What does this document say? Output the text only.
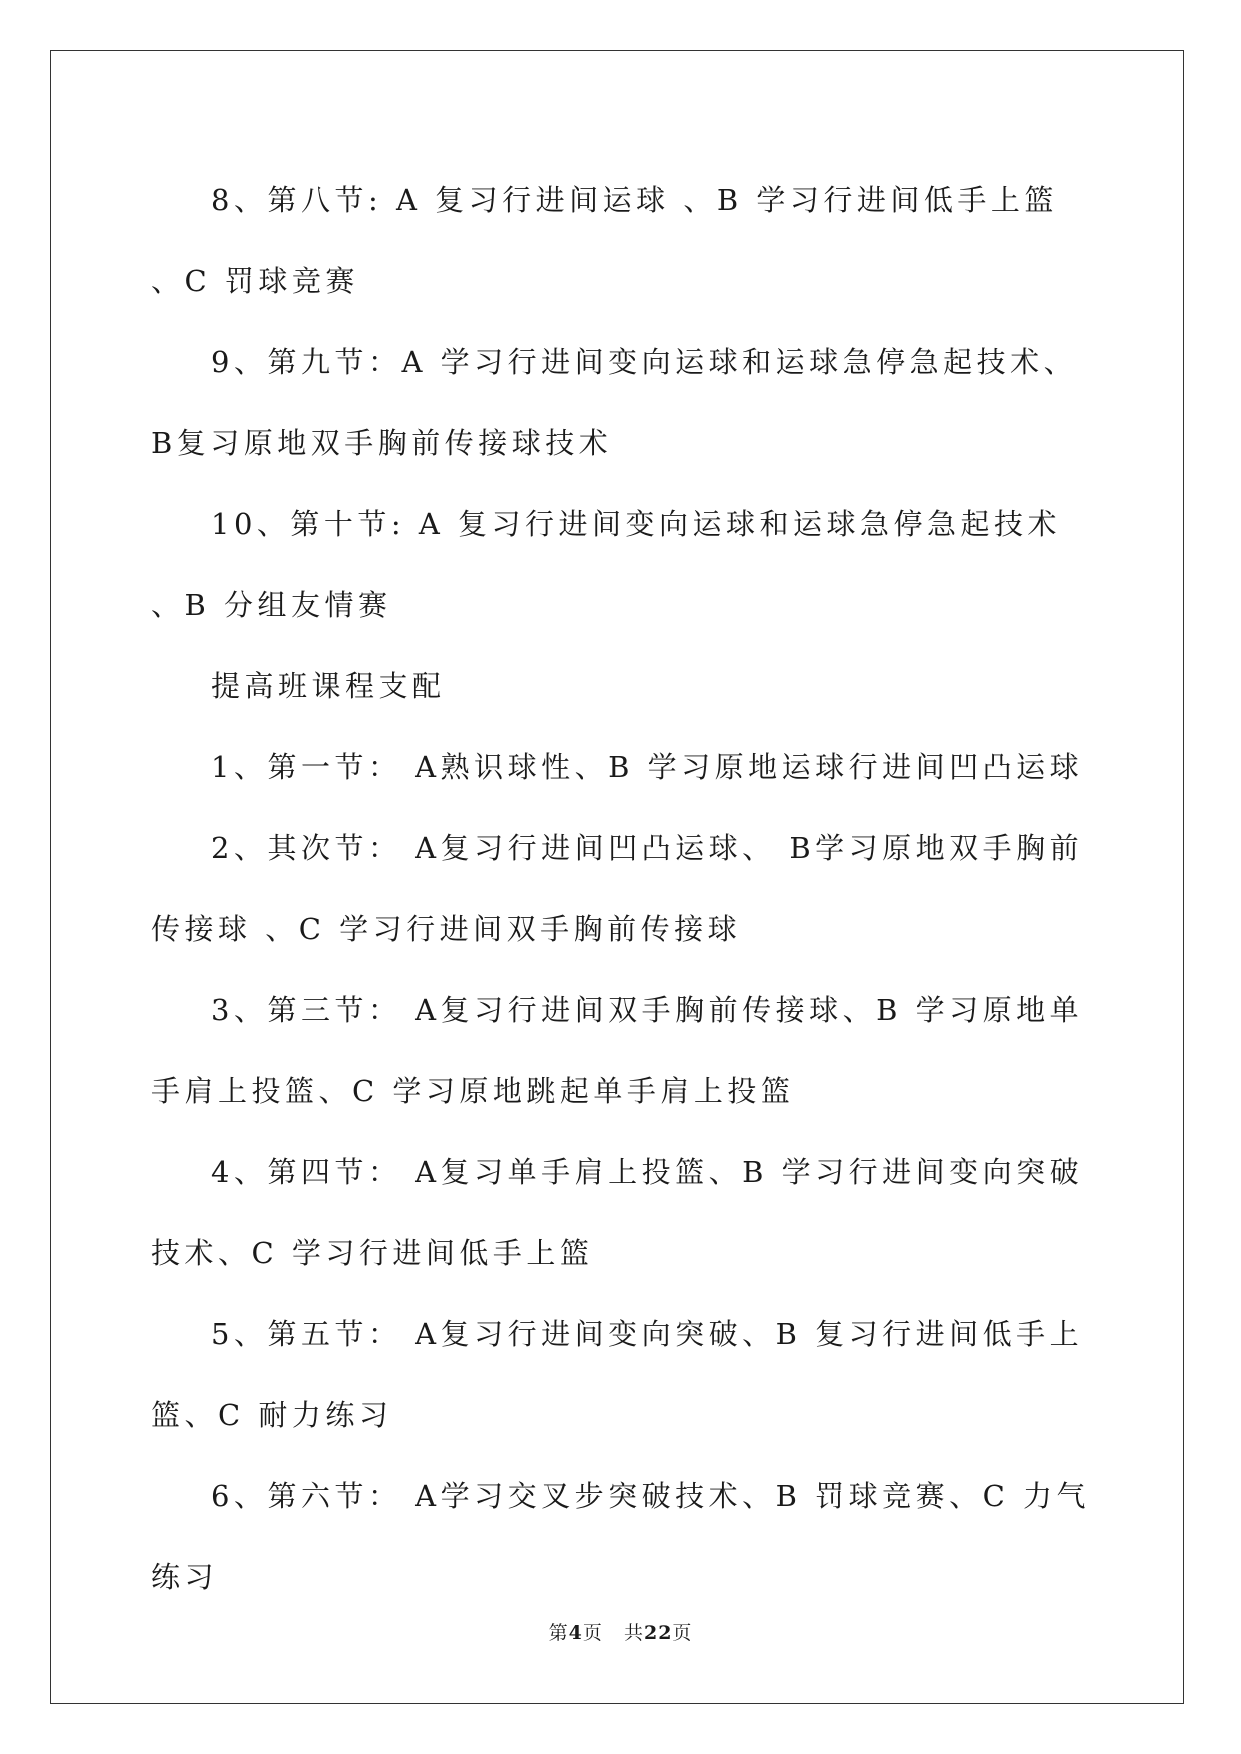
8、第八节: A 复习行进间运球 、B 学习行进间低手上篮 、C 罚球竞赛

9、第九节：A 学习行进间变向运球和运球急停急起技术、 B复习原地双手胸前传接球技术

10、第十节: A 复习行进间变向运球和运球急停急起技术 、B 分组友情赛

提高班课程支配

1、第一节： A熟识球性、B 学习原地运球行进间凹凸运球

2、其次节： A复习行进间凹凸运球、 B学习原地双手胸前传接球 、C 学习行进间双手胸前传接球

3、第三节： A复习行进间双手胸前传接球、B 学习原地单手肩上投篮、C 学习原地跳起单手肩上投篮

4、第四节： A复习单手肩上投篮、B 学习行进间变向突破技术、C 学习行进间低手上篮

5、第五节： A复习行进间变向突破、B 复习行进间低手上篮、C 耐力练习

6、第六节： A学习交叉步突破技术、B 罚球竞赛、C 力气练习

第4页 共22页
